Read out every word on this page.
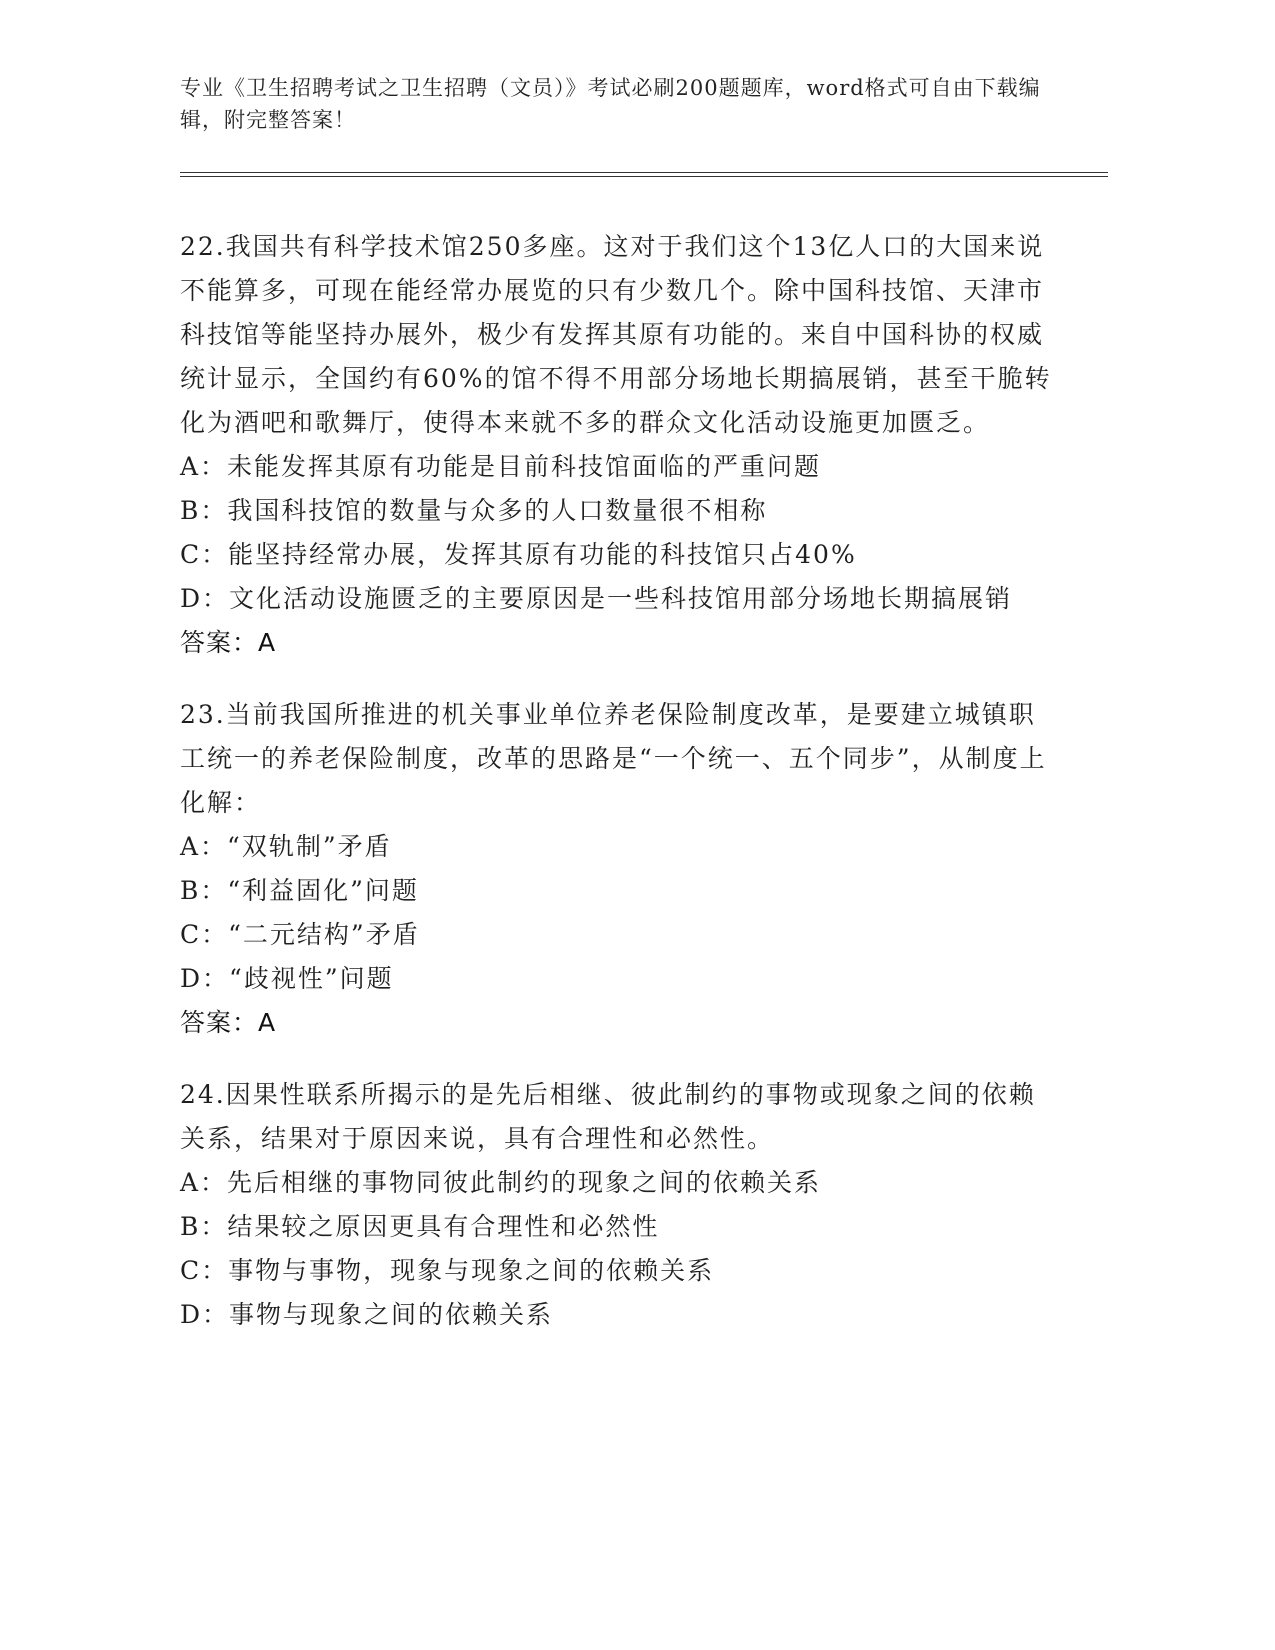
专业《卫生招聘考试之卫生招聘（文员）》考试必刷200题题库，word格式可自由下载编辑，附完整答案！

22.我国共有科学技术馆250多座。这对于我们这个13亿人口的大国来说不能算多，可现在能经常办展览的只有少数几个。除中国科技馆、天津市科技馆等能坚持办展外，极少有发挥其原有功能的。来自中国科协的权威统计显示，全国约有60%的馆不得不用部分场地长期搞展销，甚至干脆转化为酒吧和歌舞厅，使得本来就不多的群众文化活动设施更加匮乏。

A：未能发挥其原有功能是目前科技馆面临的严重问题

B：我国科技馆的数量与众多的人口数量很不相称

C：能坚持经常办展，发挥其原有功能的科技馆只占40%

D：文化活动设施匮乏的主要原因是一些科技馆用部分场地长期搞展销

答案：A

23.当前我国所推进的机关事业单位养老保险制度改革，是要建立城镇职工统一的养老保险制度，改革的思路是“一个统一、五个同步”，从制度上化解：

A：“双轨制”矛盾

B：“利益固化”问题

C：“二元结构”矛盾

D：“歧视性”问题

答案：A

24.因果性联系所揭示的是先后相继、彼此制约的事物或现象之间的依赖关系，结果对于原因来说，具有合理性和必然性。

A：先后相继的事物同彼此制约的现象之间的依赖关系

B：结果较之原因更具有合理性和必然性

C：事物与事物，现象与现象之间的依赖关系

D：事物与现象之间的依赖关系
